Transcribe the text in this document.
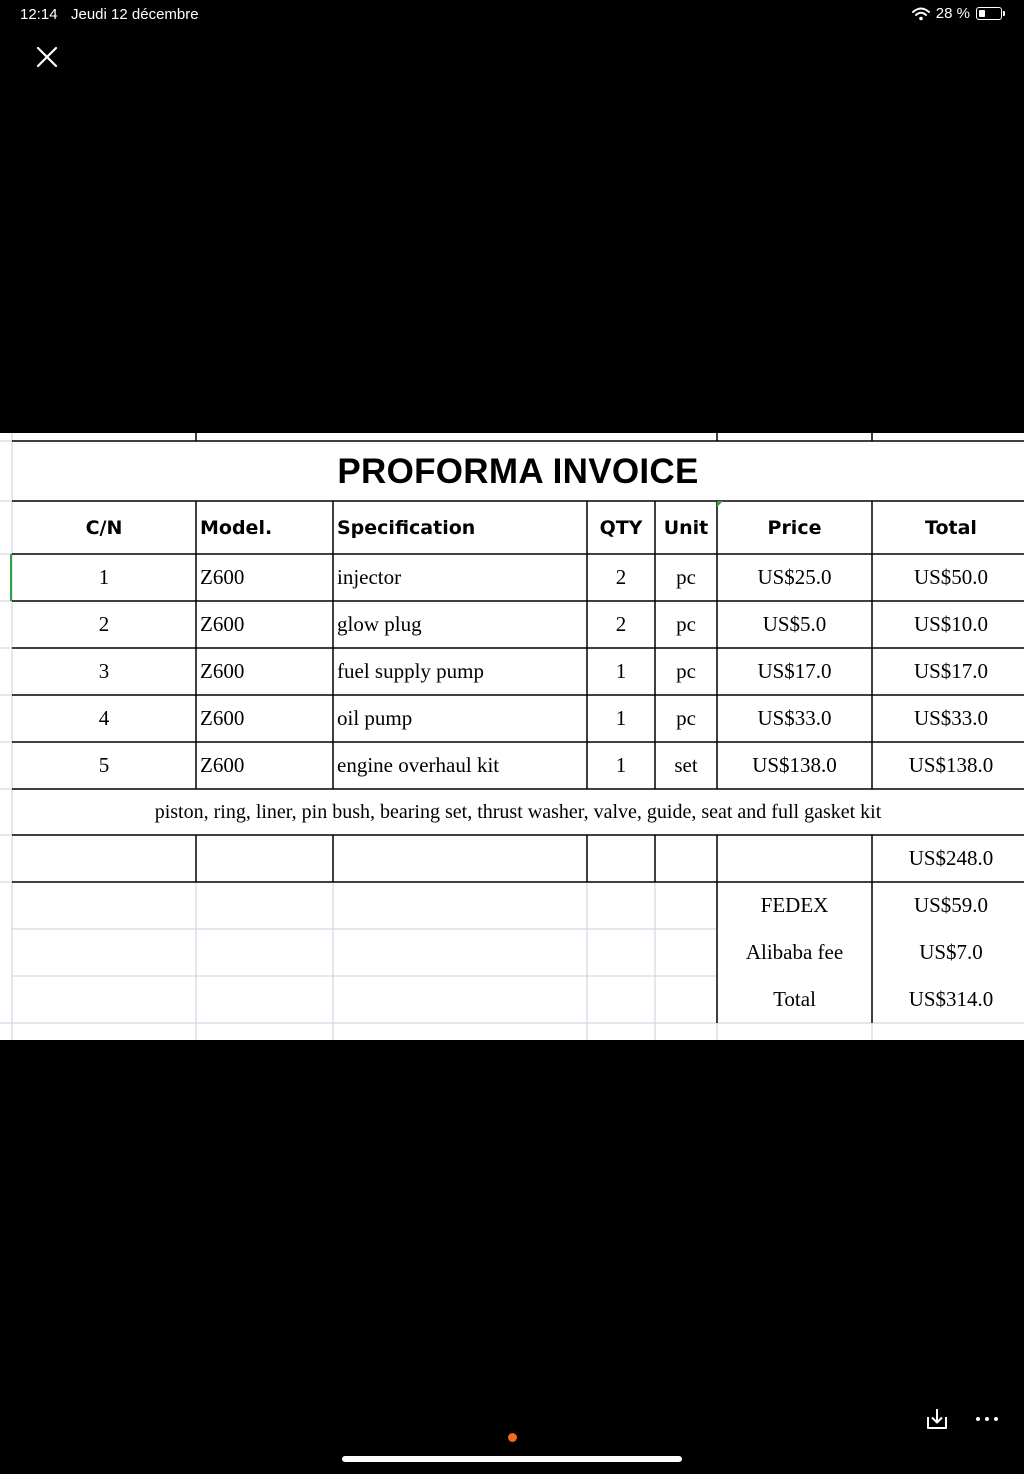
12:14 Jeudi 12 décembre	28 %
PROFORMA INVOICE
C/N	Model.	Specification	QTY	Unit	Price	Total
1	Z600	injector	2	pc	US$25.0	US$50.0
2	Z600	glow plug	2	pc	US$5.0	US$10.0
3	Z600	fuel supply pump	1	pc	US$17.0	US$17.0
4	Z600	oil pump	1	pc	US$33.0	US$33.0
5	Z600	engine overhaul kit	1	set	US$138.0	US$138.0
piston, ring, liner, pin bush, bearing set, thrust washer, valve, guide, seat and full gasket kit
US$248.0
FEDEX	US$59.0
Alibaba fee	US$7.0
Total	US$314.0
